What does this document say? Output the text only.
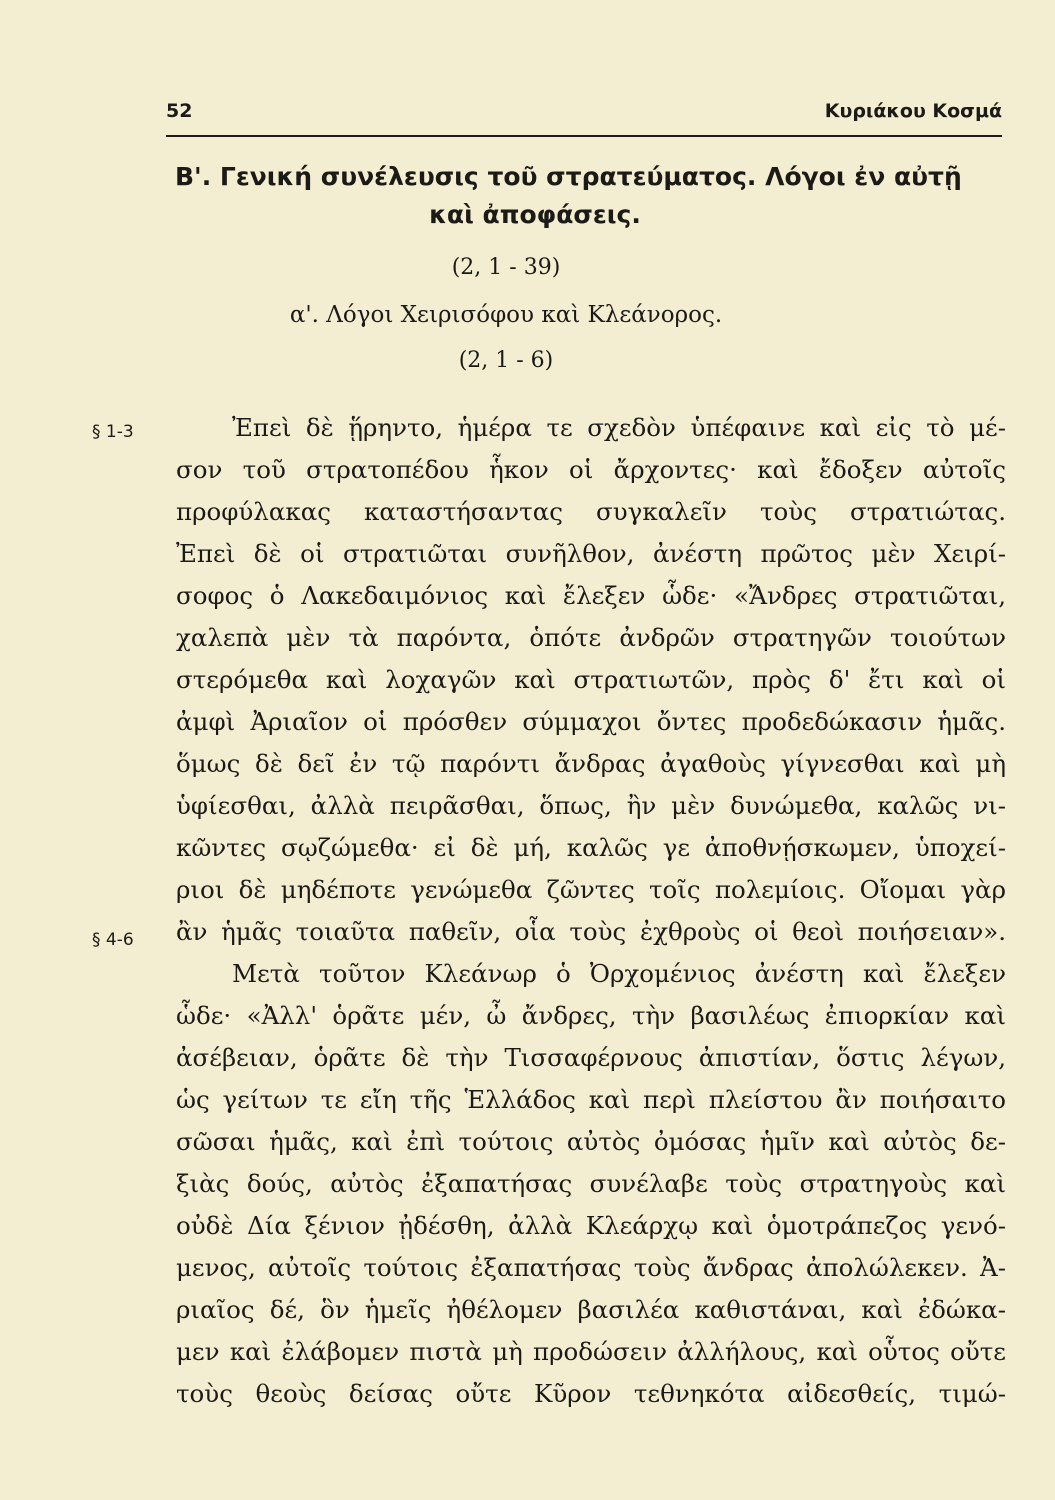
52	Κυριάκου Κοσμά
Β'. Γενική συνέλευσις τοῦ στρατεύματος. Λόγοι ἐν αὐτῇ
καὶ ἀποφάσεις.
(2, 1 - 39)
α'. Λόγοι Χειρισόφου καὶ Κλεάνορος.
(2, 1 - 6)
§ 1-3
§ 4-6
Ἐπεὶ δὲ ᾕρηντο, ἡμέρα τε σχεδὸν ὑπέφαινε καὶ εἰς τὸ μέ-
σον τοῦ στρατοπέδου ἧκον οἱ ἄρχοντες· καὶ ἔδοξεν αὐτοῖς
προφύλακας καταστήσαντας συγκαλεῖν τοὺς στρατιώτας.
Ἐπεὶ δὲ οἱ στρατιῶται συνῆλθον, ἀνέστη πρῶτος μὲν Χειρί-
σοφος ὁ Λακεδαιμόνιος καὶ ἔλεξεν ὧδε· «Ἄνδρες στρατιῶται,
χαλεπὰ μὲν τὰ παρόντα, ὁπότε ἀνδρῶν στρατηγῶν τοιούτων
στερόμεθα καὶ λοχαγῶν καὶ στρατιωτῶν, πρὸς δ' ἔτι καὶ οἱ
ἀμφὶ Ἀριαῖον οἱ πρόσθεν σύμμαχοι ὄντες προδεδώκασιν ἡμᾶς.
ὅμως δὲ δεῖ ἐν τῷ παρόντι ἄνδρας ἀγαθοὺς γίγνεσθαι καὶ μὴ
ὑφίεσθαι, ἀλλὰ πειρᾶσθαι, ὅπως, ἢν μὲν δυνώμεθα, καλῶς νι-
κῶντες σῳζώμεθα· εἰ δὲ μή, καλῶς γε ἀποθνῄσκωμεν, ὑποχεί-
ριοι δὲ μηδέποτε γενώμεθα ζῶντες τοῖς πολεμίοις. Οἴομαι γὰρ
ἂν ἡμᾶς τοιαῦτα παθεῖν, οἷα τοὺς ἐχθροὺς οἱ θεοὶ ποιήσειαν».
Μετὰ τοῦτον Κλεάνωρ ὁ Ὀρχομένιος ἀνέστη καὶ ἔλεξεν
ὧδε· «Ἀλλ' ὁρᾶτε μέν, ὦ ἄνδρες, τὴν βασιλέως ἐπιορκίαν καὶ
ἀσέβειαν, ὁρᾶτε δὲ τὴν Τισσαφέρνους ἀπιστίαν, ὅστις λέγων,
ὡς γείτων τε εἴη τῆς Ἑλλάδος καὶ περὶ πλείστου ἂν ποιήσαιτο
σῶσαι ἡμᾶς, καὶ ἐπὶ τούτοις αὐτὸς ὀμόσας ἡμῖν καὶ αὐτὸς δε-
ξιὰς δούς, αὐτὸς ἐξαπατήσας συνέλαβε τοὺς στρατηγοὺς καὶ
οὐδὲ Δία ξένιον ᾐδέσθη, ἀλλὰ Κλεάρχῳ καὶ ὁμοτράπεζος γενό-
μενος, αὐτοῖς τούτοις ἐξαπατήσας τοὺς ἄνδρας ἀπολώλεκεν. Ἀ-
ριαῖος δέ, ὃν ἡμεῖς ἠθέλομεν βασιλέα καθιστάναι, καὶ ἐδώκα-
μεν καὶ ἐλάβομεν πιστὰ μὴ προδώσειν ἀλλήλους, καὶ οὗτος οὔτε
τοὺς θεοὺς δείσας οὔτε Κῦρον τεθνηκότα αἰδεσθείς, τιμώ-
